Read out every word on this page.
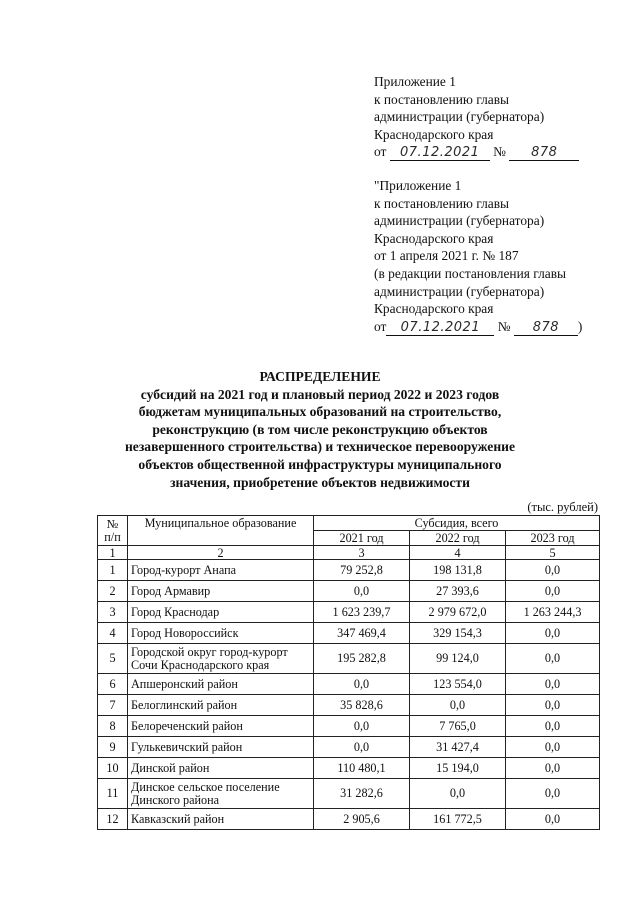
Приложение 1
к постановлению главы
администрации (губернатора)
Краснодарского края
от 07.12.2021 № 878
"Приложение 1
к постановлению главы
администрации (губернатора)
Краснодарского края
от 1 апреля 2021 г. № 187
(в редакции постановления главы
администрации (губернатора)
Краснодарского края
от 07.12.2021 № 878 )
РАСПРЕДЕЛЕНИЕ
субсидий на 2021 год и плановый период 2022 и 2023 годов
бюджетам муниципальных образований на строительство,
реконструкцию (в том числе реконструкцию объектов
незавершенного строительства) и техническое перевооружение
объектов общественной инфраструктуры муниципального
значения, приобретение объектов недвижимости
(тыс. рублей)
№ п/п	Муниципальное образование	Субсидия, всего		
		2021 год	2022 год	2023 год
1	2	3	4	5
1	Город-курорт Анапа	79 252,8	198 131,8	0,0
2	Город Армавир	0,0	27 393,6	0,0
3	Город Краснодар	1 623 239,7	2 979 672,0	1 263 244,3
4	Город Новороссийск	347 469,4	329 154,3	0,0
5	Городской округ город-курорт Сочи Краснодарского края	195 282,8	99 124,0	0,0
6	Апшеронский район	0,0	123 554,0	0,0
7	Белоглинский район	35 828,6	0,0	0,0
8	Белореченский район	0,0	7 765,0	0,0
9	Гулькевичский район	0,0	31 427,4	0,0
10	Динской район	110 480,1	15 194,0	0,0
11	Динское сельское поселение Динского района	31 282,6	0,0	0,0
12	Кавказский район	2 905,6	161 772,5	0,0
